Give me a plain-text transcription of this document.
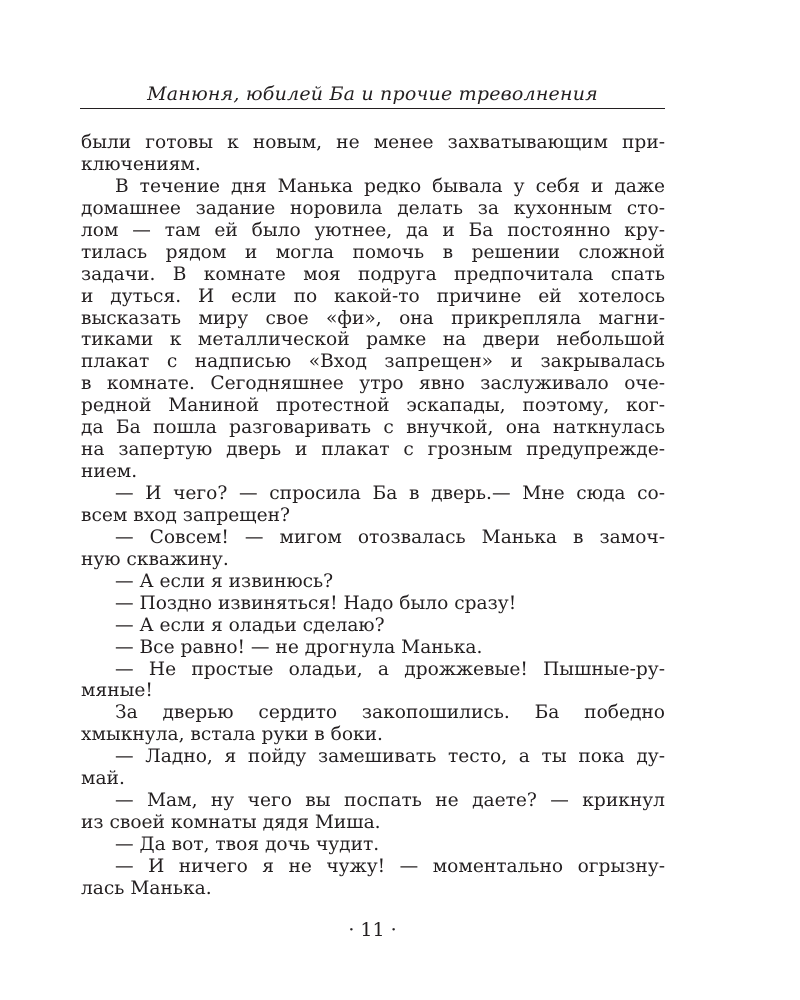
Манюня, юбилей Ба и прочие треволнения
были готовы к новым, не менее захватывающим при-
ключениям.
В течение дня Манька редко бывала у себя и даже
домашнее задание норовила делать за кухонным сто-
лом — там ей было уютнее, да и Ба постоянно кру-
тилась рядом и могла помочь в решении сложной
задачи. В комнате моя подруга предпочитала спать
и дуться. И если по какой-то причине ей хотелось
высказать миру свое «фи», она прикрепляла магни-
тиками к металлической рамке на двери небольшой
плакат с надписью «Вход запрещен» и закрывалась
в комнате. Сегодняшнее утро явно заслуживало оче-
редной Маниной протестной эскапады, поэтому, ког-
да Ба пошла разговаривать с внучкой, она наткнулась
на запертую дверь и плакат с грозным предупрежде-
нием.
— И чего? — спросила Ба в дверь.— Мне сюда со-
всем вход запрещен?
— Совсем! — мигом отозвалась Манька в замоч-
ную скважину.
— А если я извинюсь?
— Поздно извиняться! Надо было сразу!
— А если я оладьи сделаю?
— Все равно! — не дрогнула Манька.
— Не простые оладьи, а дрожжевые! Пышные-ру-
мяные!
За дверью сердито закопошились. Ба победно
хмыкнула, встала руки в боки.
— Ладно, я пойду замешивать тесто, а ты пока ду-
май.
— Мам, ну чего вы поспать не даете? — крикнул
из своей комнаты дядя Миша.
— Да вот, твоя дочь чудит.
— И ничего я не чужу! — моментально огрызну-
лась Манька.
· 11 ·
